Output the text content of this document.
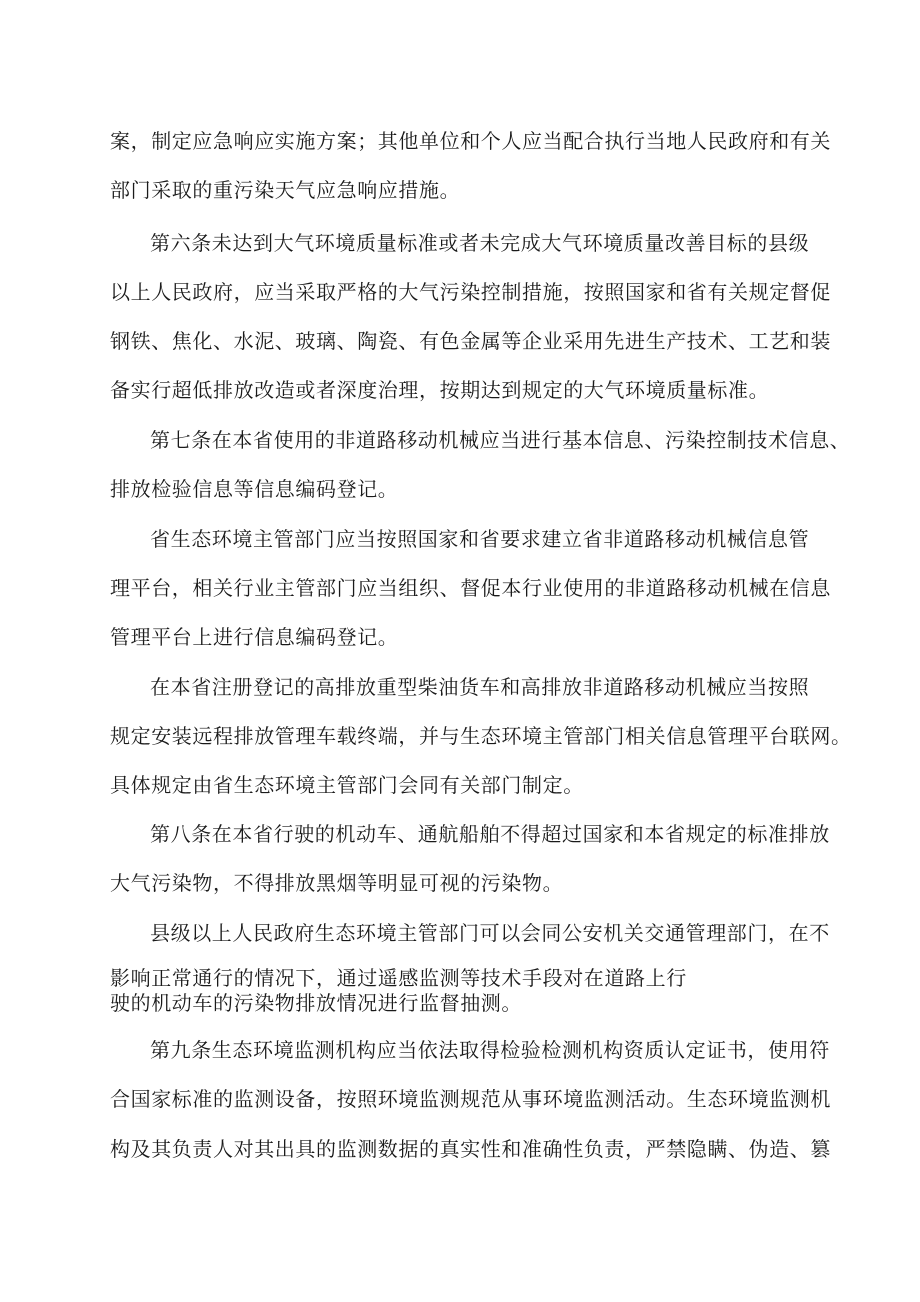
案，制定应急响应实施方案；其他单位和个人应当配合执行当地人民政府和有关
部门采取的重污染天气应急响应措施。
第六条未达到大气环境质量标准或者未完成大气环境质量改善目标的县级
以上人民政府，应当采取严格的大气污染控制措施，按照国家和省有关规定督促
钢铁、焦化、水泥、玻璃、陶瓷、有色金属等企业采用先进生产技术、工艺和装
备实行超低排放改造或者深度治理，按期达到规定的大气环境质量标准。
第七条在本省使用的非道路移动机械应当进行基本信息、污染控制技术信息、
排放检验信息等信息编码登记。
省生态环境主管部门应当按照国家和省要求建立省非道路移动机械信息管
理平台，相关行业主管部门应当组织、督促本行业使用的非道路移动机械在信息
管理平台上进行信息编码登记。
在本省注册登记的高排放重型柴油货车和高排放非道路移动机械应当按照
规定安装远程排放管理车载终端，并与生态环境主管部门相关信息管理平台联网。
具体规定由省生态环境主管部门会同有关部门制定。
第八条在本省行驶的机动车、通航船舶不得超过国家和本省规定的标准排放
大气污染物，不得排放黑烟等明显可视的污染物。
县级以上人民政府生态环境主管部门可以会同公安机关交通管理部门，在不
影响正常通行的情况下，通过遥感监测等技术手段对在道路上行
驶的机动车的污染物排放情况进行监督抽测。
第九条生态环境监测机构应当依法取得检验检测机构资质认定证书，使用符
合国家标准的监测设备，按照环境监测规范从事环境监测活动。生态环境监测机
构及其负责人对其出具的监测数据的真实性和准确性负责，严禁隐瞒、伪造、篡
